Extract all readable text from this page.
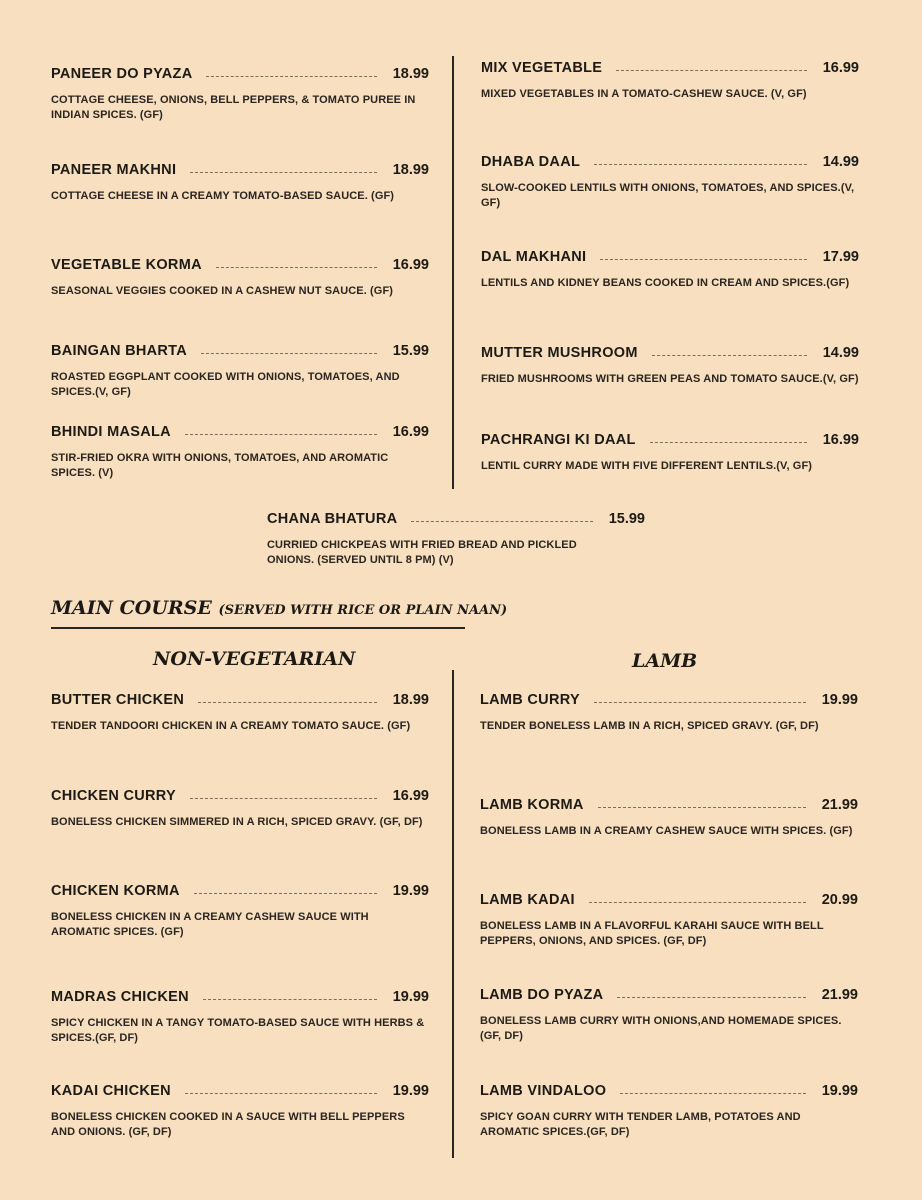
PANEER DO PYAZA	18.99
COTTAGE CHEESE, ONIONS, BELL PEPPERS, & TOMATO PUREE IN INDIAN SPICES. (GF)
PANEER MAKHNI	18.99
COTTAGE CHEESE IN A CREAMY TOMATO-BASED SAUCE. (GF)
VEGETABLE KORMA	16.99
SEASONAL VEGGIES COOKED IN A CASHEW NUT SAUCE. (GF)
BAINGAN BHARTA	15.99
ROASTED EGGPLANT COOKED WITH ONIONS, TOMATOES, AND SPICES.(V, GF)
BHINDI MASALA	16.99
STIR-FRIED OKRA WITH ONIONS, TOMATOES, AND AROMATIC SPICES. (V)
MIX VEGETABLE	16.99
MIXED VEGETABLES IN A TOMATO-CASHEW SAUCE. (V, GF)
DHABA DAAL	14.99
SLOW-COOKED LENTILS WITH ONIONS, TOMATOES, AND SPICES.(V, GF)
DAL MAKHANI	17.99
LENTILS AND KIDNEY BEANS COOKED IN CREAM AND SPICES.(GF)
MUTTER MUSHROOM	14.99
FRIED MUSHROOMS WITH GREEN PEAS AND TOMATO SAUCE.(V, GF)
PACHRANGI KI DAAL	16.99
LENTIL CURRY MADE WITH FIVE DIFFERENT LENTILS.(V, GF)
CHANA BHATURA	15.99
CURRIED CHICKPEAS WITH FRIED BREAD AND PICKLED ONIONS. (SERVED UNTIL 8 PM) (V)
MAIN COURSE (SERVED WITH RICE OR PLAIN NAAN)
NON-VEGETARIAN	LAMB
BUTTER CHICKEN	18.99
TENDER TANDOORI CHICKEN IN A CREAMY TOMATO SAUCE. (GF)
CHICKEN CURRY	16.99
BONELESS CHICKEN SIMMERED IN A RICH, SPICED GRAVY. (GF, DF)
CHICKEN KORMA	19.99
BONELESS CHICKEN IN A CREAMY CASHEW SAUCE WITH AROMATIC SPICES. (GF)
MADRAS CHICKEN	19.99
SPICY CHICKEN IN A TANGY TOMATO-BASED SAUCE WITH HERBS & SPICES.(GF, DF)
KADAI CHICKEN	19.99
BONELESS CHICKEN COOKED IN A SAUCE WITH BELL PEPPERS AND ONIONS. (GF, DF)
LAMB CURRY	19.99
TENDER BONELESS LAMB IN A RICH, SPICED GRAVY. (GF, DF)
LAMB KORMA	21.99
BONELESS LAMB IN A CREAMY CASHEW SAUCE WITH SPICES. (GF)
LAMB KADAI	20.99
BONELESS LAMB IN A FLAVORFUL KARAHI SAUCE WITH BELL PEPPERS, ONIONS, AND SPICES. (GF, DF)
LAMB DO PYAZA	21.99
BONELESS LAMB CURRY WITH ONIONS,AND HOMEMADE SPICES. (GF, DF)
LAMB VINDALOO	19.99
SPICY GOAN CURRY WITH TENDER LAMB, POTATOES AND AROMATIC SPICES.(GF, DF)
